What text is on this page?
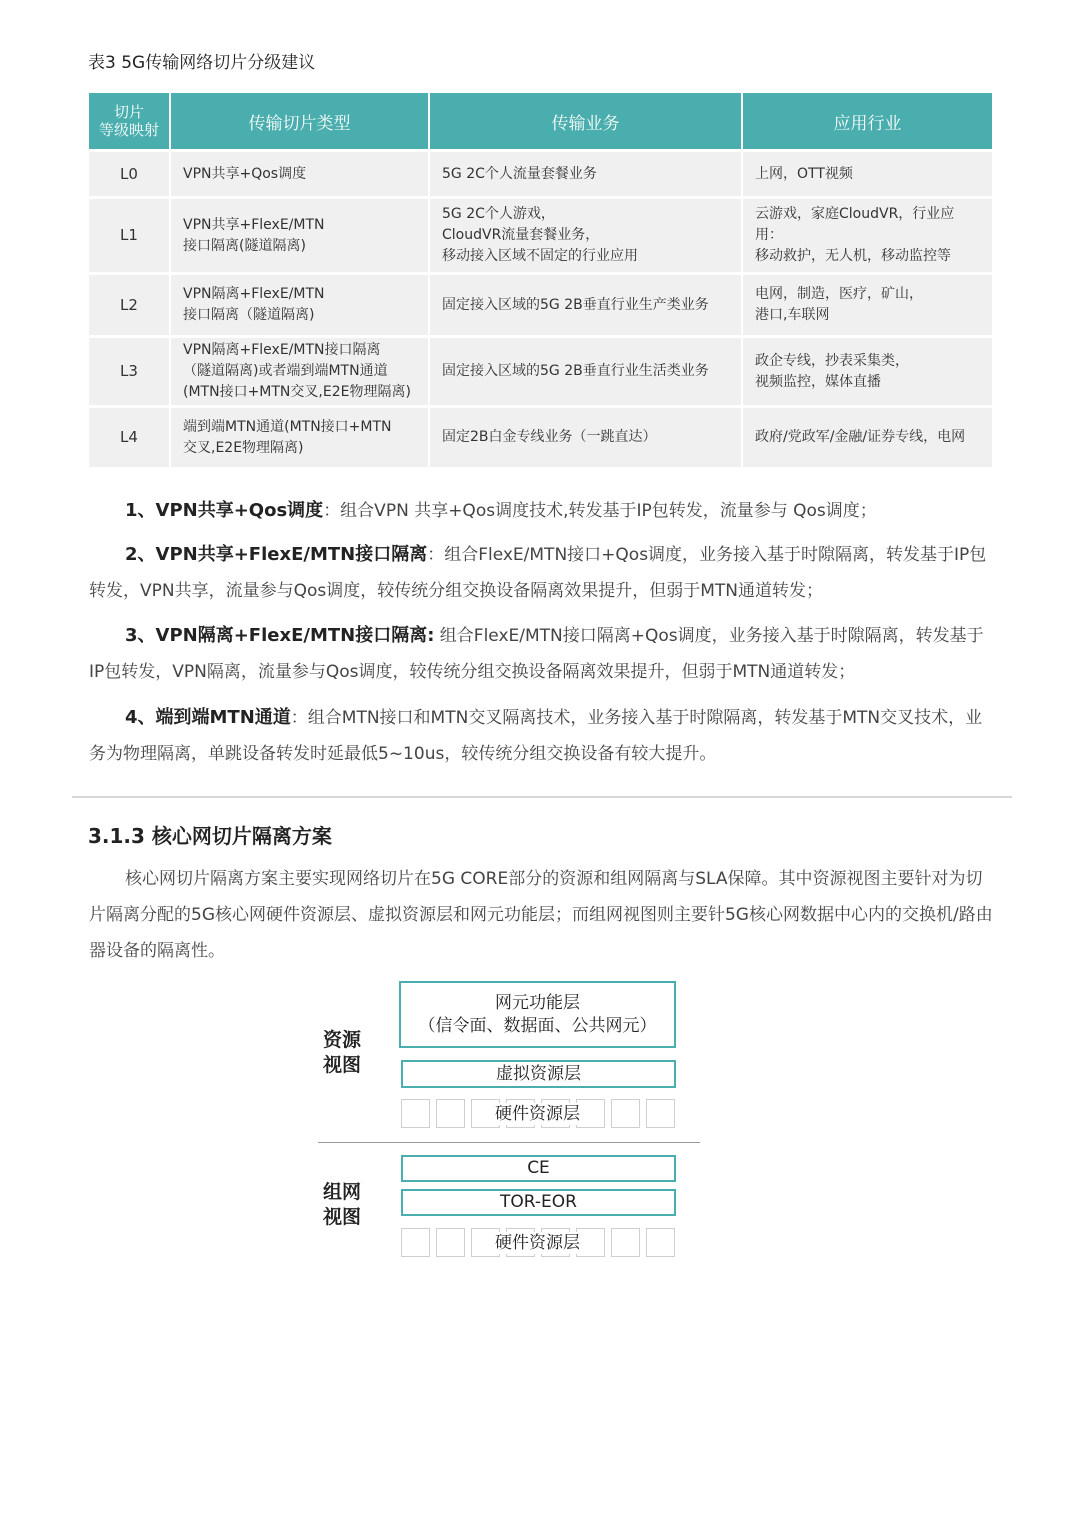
表3 5G传输网络切片分级建议
切片
等级映射	传输切片类型	传输业务	应用行业
L0	VPN共享+Qos调度	5G 2C个人流量套餐业务	上网，OTT视频

L1	VPN共享+FlexE/MTN
接口隔离(隧道隔离)	5G 2C个人游戏，
CloudVR流量套餐业务，
移动接入区域不固定的行业应用	云游戏，家庭CloudVR，行业应用：
移动救护，无人机，移动监控等

L2	VPN隔离+FlexE/MTN
接口隔离（隧道隔离)	固定接入区域的5G 2B垂直行业生产类业务	电网，制造，医疗，矿山，
港口,车联网

L3	VPN隔离+FlexE/MTN接口隔离
（隧道隔离)或者端到端MTN通道
(MTN接口+MTN交叉,E2E物理隔离)	固定接入区域的5G 2B垂直行业生活类业务	政企专线，抄表采集类，
视频监控，媒体直播

L4	端到端MTN通道(MTN接口+MTN
交叉,E2E物理隔离)	固定2B白金专线业务（一跳直达）	政府/党政军/金融/证券专线，电网

1、VPN共享+Qos调度：组合VPN 共享+Qos调度技术,转发基于IP包转发，流量参与 Qos调度；

2、VPN共享+FlexE/MTN接口隔离：组合FlexE/MTN接口+Qos调度，业务接入基于时隙隔离，转发基于IP包转发，VPN共享，流量参与Qos调度，较传统分组交换设备隔离效果提升，但弱于MTN通道转发；

3、VPN隔离+FlexE/MTN接口隔离: 组合FlexE/MTN接口隔离+Qos调度，业务接入基于时隙隔离，转发基于IP包转发，VPN隔离，流量参与Qos调度，较传统分组交换设备隔离效果提升，但弱于MTN通道转发；

4、端到端MTN通道：组合MTN接口和MTN交叉隔离技术，业务接入基于时隙隔离，转发基于MTN交叉技术，业务为物理隔离，单跳设备转发时延最低5~10us，较传统分组交换设备有较大提升。

3.1.3 核心网切片隔离方案

核心网切片隔离方案主要实现网络切片在5G CORE部分的资源和组网隔离与SLA保障。其中资源视图主要针对为切片隔离分配的5G核心网硬件资源层、虚拟资源层和网元功能层；而组网视图则主要针5G核心网数据中心内的交换机/路由器设备的隔离性。

资源
视图
网元功能层
（信令面、数据面、公共网元）
虚拟资源层
硬件资源层
组网
视图
CE
TOR-EOR
硬件资源层
